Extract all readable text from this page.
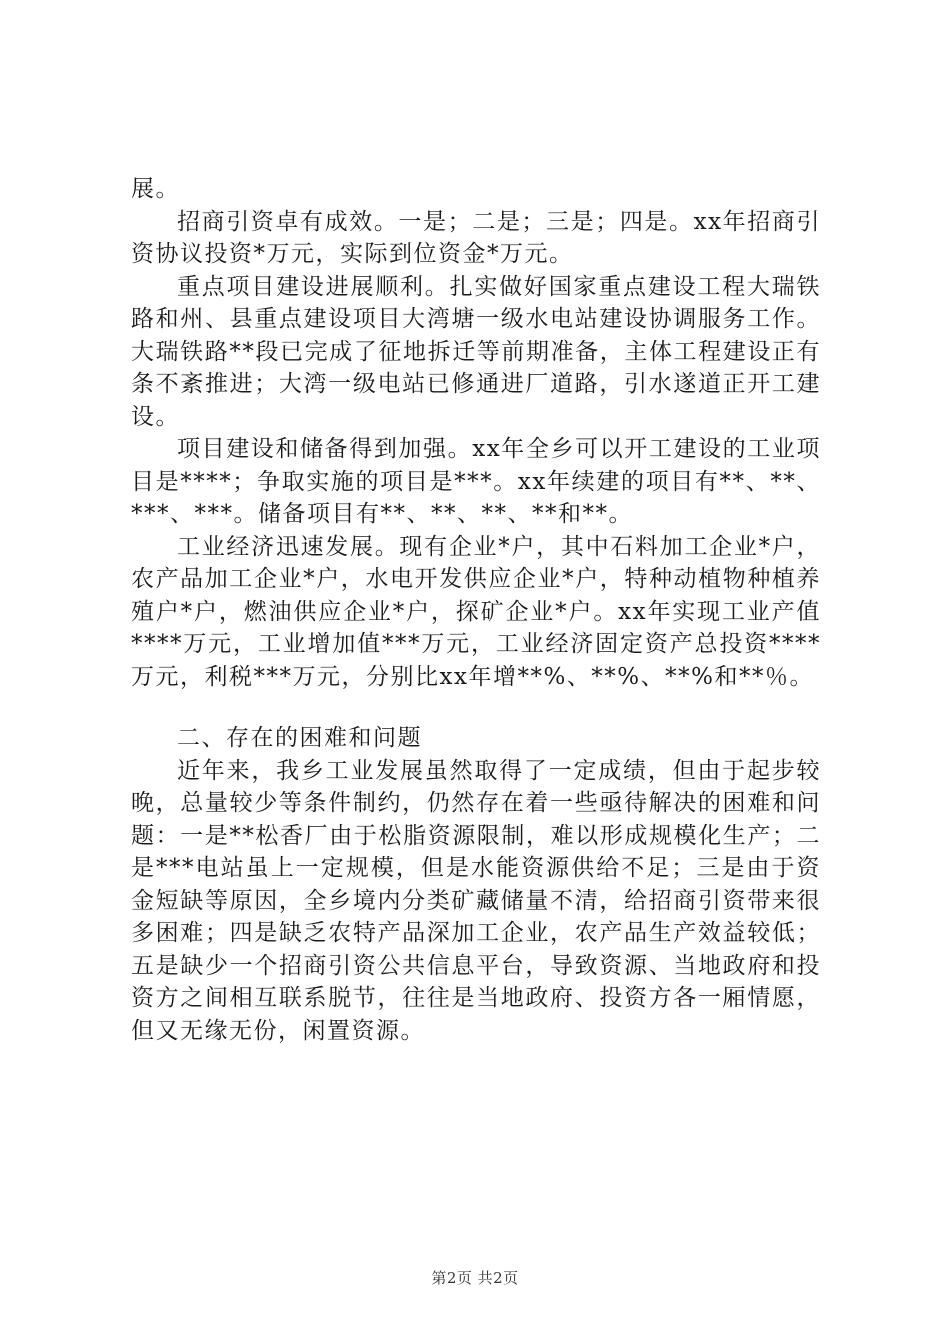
展。

招商引资卓有成效。一是；二是；三是；四是。xx年招商引资协议投资*万元，实际到位资金*万元。

重点项目建设进展顺利。扎实做好国家重点建设工程大瑞铁路和州、县重点建设项目大湾塘一级水电站建设协调服务工作。大瑞铁路**段已完成了征地拆迁等前期准备，主体工程建设正有条不紊推进；大湾一级电站已修通进厂道路，引水遂道正开工建设。

项目建设和储备得到加强。xx年全乡可以开工建设的工业项目是****；争取实施的项目是***。xx年续建的项目有**、**、***、***。储备项目有**、**、**、**和**。

工业经济迅速发展。现有企业*户，其中石料加工企业*户，农产品加工企业*户，水电开发供应企业*户，特种动植物种植养殖户*户，燃油供应企业*户，探矿企业*户。xx年实现工业产值****万元，工业增加值***万元，工业经济固定资产总投资****万元，利税***万元，分别比xx年增**%、**%、**%和**％。

二、存在的困难和问题

近年来，我乡工业发展虽然取得了一定成绩，但由于起步较晚，总量较少等条件制约，仍然存在着一些亟待解决的困难和问题：一是**松香厂由于松脂资源限制，难以形成规模化生产；二是***电站虽上一定规模，但是水能资源供给不足；三是由于资金短缺等原因，全乡境内分类矿藏储量不清，给招商引资带来很多困难；四是缺乏农特产品深加工企业，农产品生产效益较低；五是缺少一个招商引资公共信息平台，导致资源、当地政府和投资方之间相互联系脱节，往往是当地政府、投资方各一厢情愿，但又无缘无份，闲置资源。

第2页 共2页
